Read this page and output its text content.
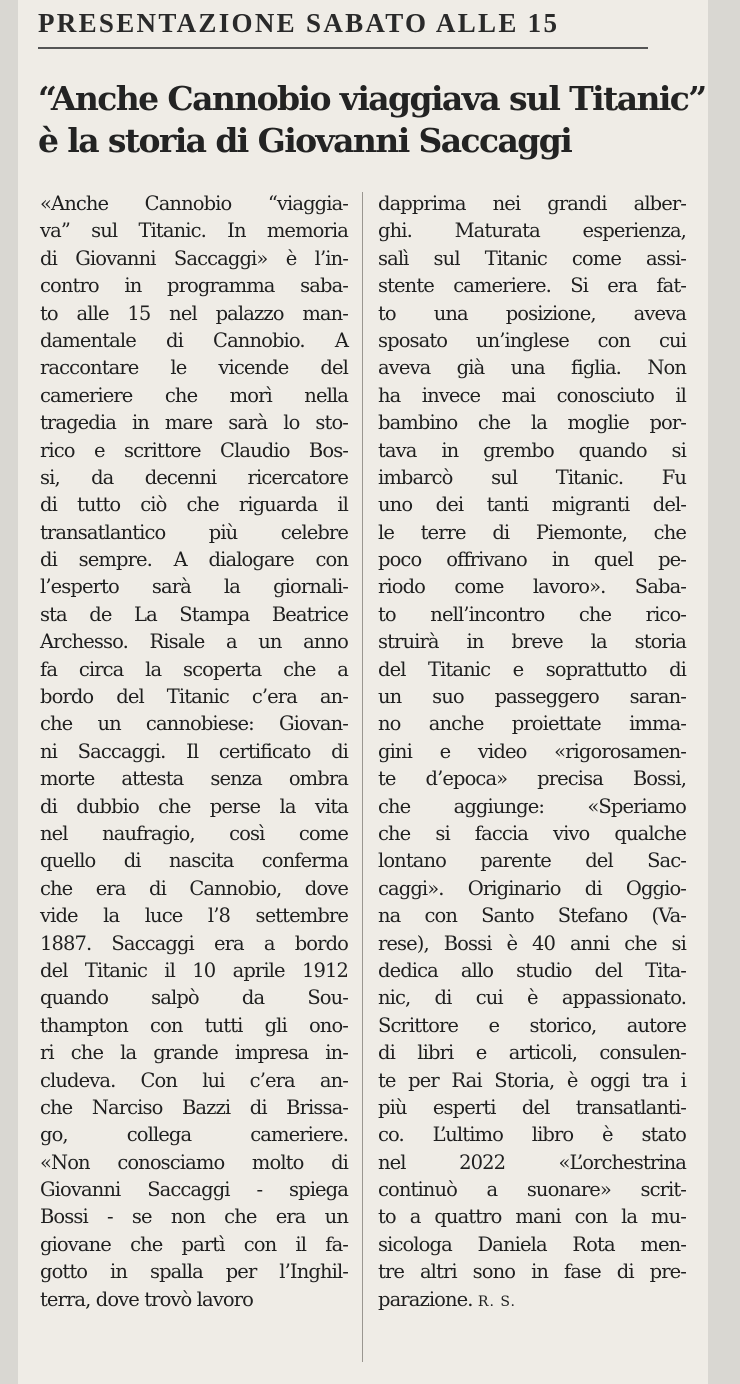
PRESENTAZIONE SABATO ALLE 15
“Anche Cannobio viaggiava sul Titanic”
è la storia di Giovanni Saccaggi
«Anche Cannobio “viaggia-
va” sul Titanic. In memoria
di Giovanni Saccaggi» è l’in-
contro in programma saba-
to alle 15 nel palazzo man-
damentale di Cannobio. A
raccontare le vicende del
cameriere che morì nella
tragedia in mare sarà lo sto-
rico e scrittore Claudio Bos-
si, da decenni ricercatore
di tutto ciò che riguarda il
transatlantico più celebre
di sempre. A dialogare con
l’esperto sarà la giornali-
sta de La Stampa Beatrice
Archesso. Risale a un anno
fa circa la scoperta che a
bordo del Titanic c’era an-
che un cannobiese: Giovan-
ni Saccaggi. Il certificato di
morte attesta senza ombra
di dubbio che perse la vita
nel naufragio, così come
quello di nascita conferma
che era di Cannobio, dove
vide la luce l’8 settembre
1887. Saccaggi era a bordo
del Titanic il 10 aprile 1912
quando salpò da Sou-
thampton con tutti gli ono-
ri che la grande impresa in-
cludeva. Con lui c’era an-
che Narciso Bazzi di Brissa-
go, collega cameriere.
«Non conosciamo molto di
Giovanni Saccaggi - spiega
Bossi - se non che era un
giovane che partì con il fa-
gotto in spalla per l’Inghil-
terra, dove trovò lavoro
dapprima nei grandi alber-
ghi. Maturata esperienza,
salì sul Titanic come assi-
stente cameriere. Si era fat-
to una posizione, aveva
sposato un’inglese con cui
aveva già una figlia. Non
ha invece mai conosciuto il
bambino che la moglie por-
tava in grembo quando si
imbarcò sul Titanic. Fu
uno dei tanti migranti del-
le terre di Piemonte, che
poco offrivano in quel pe-
riodo come lavoro». Saba-
to nell’incontro che rico-
struirà in breve la storia
del Titanic e soprattutto di
un suo passeggero saran-
no anche proiettate imma-
gini e video «rigorosamen-
te d’epoca» precisa Bossi,
che aggiunge: «Speriamo
che si faccia vivo qualche
lontano parente del Sac-
caggi». Originario di Oggio-
na con Santo Stefano (Va-
rese), Bossi è 40 anni che si
dedica allo studio del Tita-
nic, di cui è appassionato.
Scrittore e storico, autore
di libri e articoli, consulen-
te per Rai Storia, è oggi tra i
più esperti del transatlanti-
co. L’ultimo libro è stato
nel 2022 «L’orchestrina
continuò a suonare» scrit-
to a quattro mani con la mu-
sicologa Daniela Rota men-
tre altri sono in fase di pre-
parazione. R. S.
